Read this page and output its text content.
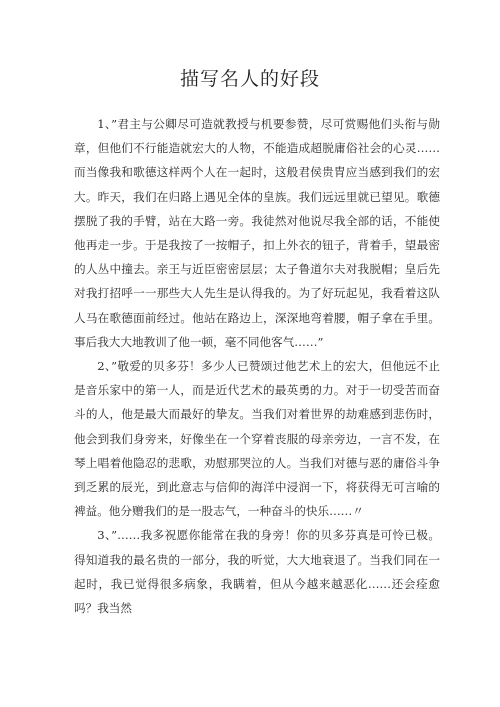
描写名人的好段

1、”君主与公卿尽可造就教授与机要参赞，尽可赏赐他们头衔与勋章，但他们不行能造就宏大的人物，不能造成超脱庸俗社会的心灵……而当像我和歌德这样两个人在一起时，这般君侯贵胄应当感到我们的宏大。昨天，我们在归路上遇见全体的皇族。我们远远里就已望见。歌德摆脱了我的手臂，站在大路一旁。我徒然对他说尽我全部的话，不能使他再走一步。于是我按了一按帽子，扣上外衣的钮子，背着手，望最密的人丛中撞去。亲王与近臣密密层层；太子鲁道尔夫对我脱帽；皇后先对我打招呼一一那些大人先生是认得我的。为了好玩起见，我看着这队人马在歌德面前经过。他站在路边上，深深地弯着腰，帽子拿在手里。事后我大大地教训了他一顿，毫不同他客气……”

2、”敬爱的贝多芬！多少人已赞颂过他艺术上的宏大，但他远不止是音乐家中的第一人，而是近代艺术的最英勇的力。对于一切受苦而奋斗的人，他是最大而最好的挚友。当我们对着世界的劫难感到悲伤时，他会到我们身旁来，好像坐在一个穿着丧服的母亲旁边，一言不发，在琴上唱着他隐忍的悲歌，劝慰那哭泣的人。当我们对德与恶的庸俗斗争到乏累的辰光，到此意志与信仰的海洋中浸润一下，将获得无可言喻的裨益。他分赠我们的是一股志气，一种奋斗的快乐……〃

3、”……我多祝愿你能常在我的身旁！你的贝多芬真是可怜已极。得知道我的最名贵的一部分，我的听觉，大大地衰退了。当我们同在一起时，我已觉得很多病象，我瞒着，但从今越来越恶化……还会痊愈吗？我当然
